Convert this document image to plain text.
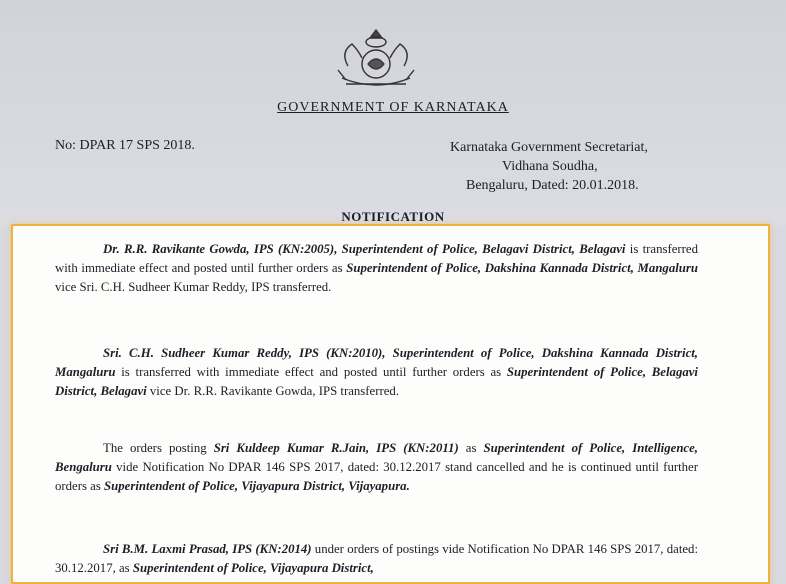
GOVERNMENT OF KARNATAKA
No: DPAR 17 SPS 2018.	Karnataka Government Secretariat,
Vidhana Soudha,
Bengaluru, Dated: 20.01.2018.
NOTIFICATION
Dr. R.R. Ravikante Gowda, IPS (KN:2005), Superintendent of Police, Belagavi District, Belagavi is transferred with immediate effect and posted until further orders as Superintendent of Police, Dakshina Kannada District, Mangaluru vice Sri. C.H. Sudheer Kumar Reddy, IPS transferred.
Sri. C.H. Sudheer Kumar Reddy, IPS (KN:2010), Superintendent of Police, Dakshina Kannada District, Mangaluru is transferred with immediate effect and posted until further orders as Superintendent of Police, Belagavi District, Belagavi vice Dr. R.R. Ravikante Gowda, IPS transferred.
The orders posting Sri Kuldeep Kumar R.Jain, IPS (KN:2011) as Superintendent of Police, Intelligence, Bengaluru vide Notification No DPAR 146 SPS 2017, dated: 30.12.2017 stand cancelled and he is continued until further orders as Superintendent of Police, Vijayapura District, Vijayapura.
Sri B.M. Laxmi Prasad, IPS (KN:2014) under orders of postings vide Notification No DPAR 146 SPS 2017, dated: 30.12.2017, as Superintendent of Police, Vijayapura District,
